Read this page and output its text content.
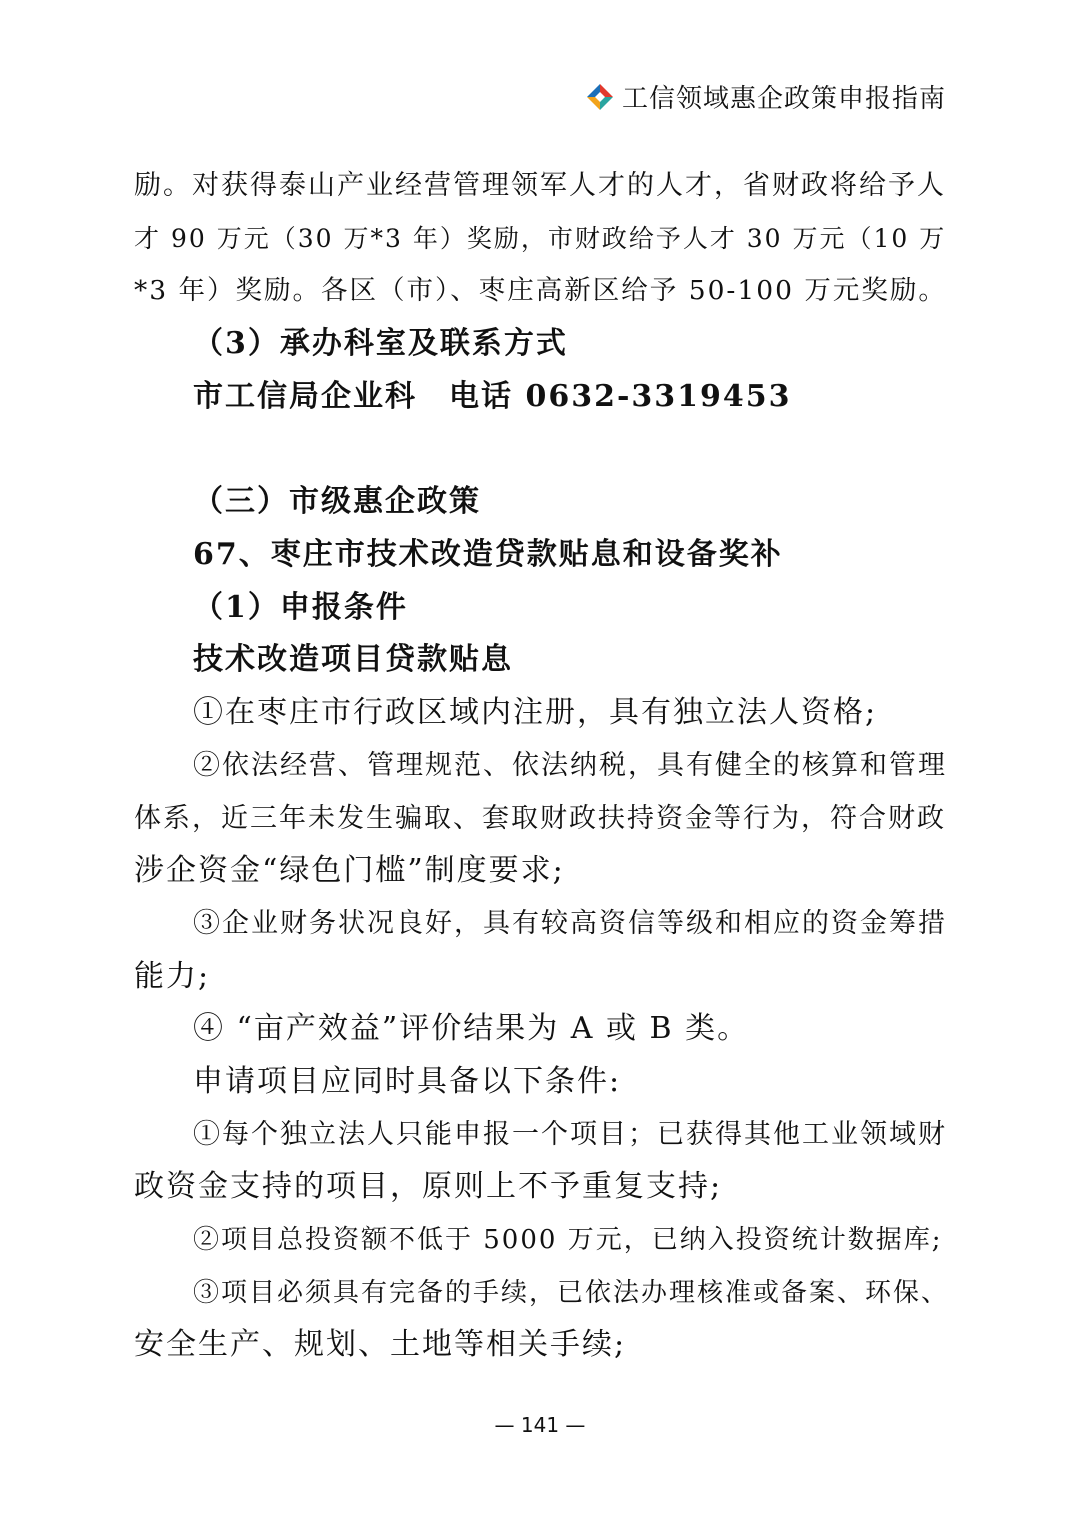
工信领域惠企政策申报指南
励。对获得泰山产业经营管理领军人才的人才，省财政将给予人
才 90 万元（30 万*3 年）奖励，市财政给予人才 30 万元（10 万
*3 年）奖励。各区（市）、枣庄高新区给予 50-100 万元奖励。
（3）承办科室及联系方式
市工信局企业科　电话 0632-3319453
（三）市级惠企政策
67、枣庄市技术改造贷款贴息和设备奖补
（1）申报条件
技术改造项目贷款贴息
①在枣庄市行政区域内注册，具有独立法人资格;
②依法经营、管理规范、依法纳税，具有健全的核算和管理
体系，近三年未发生骗取、套取财政扶持资金等行为，符合财政
涉企资金“绿色门槛”制度要求;
③企业财务状况良好，具有较高资信等级和相应的资金筹措
能力;
④ “亩产效益”评价结果为 A 或 B 类。
申请项目应同时具备以下条件:
①每个独立法人只能申报一个项目；已获得其他工业领域财
政资金支持的项目，原则上不予重复支持;
②项目总投资额不低于 5000 万元，已纳入投资统计数据库;
③项目必须具有完备的手续，已依法办理核准或备案、环保、
安全生产、规划、土地等相关手续;
— 141 —
